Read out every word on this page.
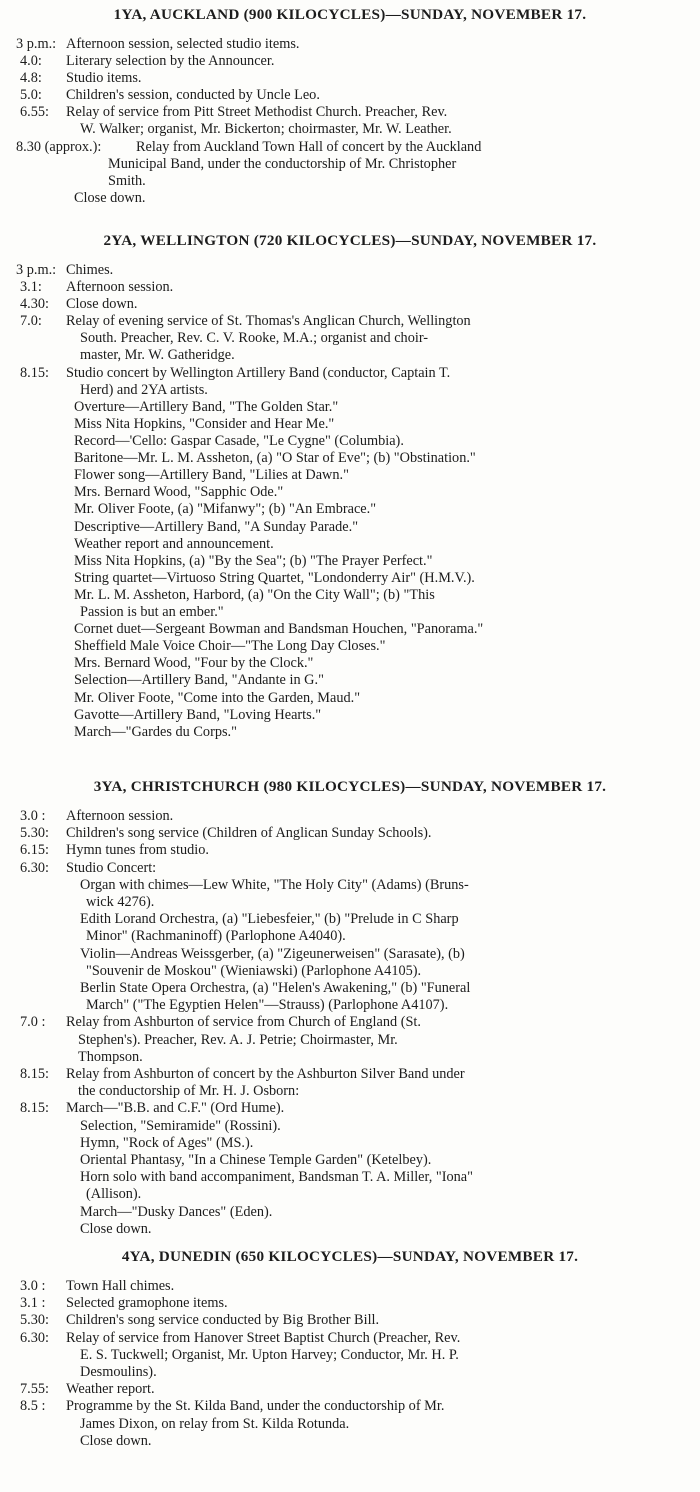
1YA, AUCKLAND (900 KILOCYCLES)—SUNDAY, NOVEMBER 17.
3 p.m.: Afternoon session, selected studio items.
4.0: Literary selection by the Announcer.
4.8: Studio items.
5.0: Children's session, conducted by Uncle Leo.
6.55: Relay of service from Pitt Street Methodist Church. Preacher, Rev.
W. Walker; organist, Mr. Bickerton; choirmaster, Mr. W. Leather.
8.30 (approx.): Relay from Auckland Town Hall of concert by the Auckland
Municipal Band, under the conductorship of Mr. Christopher
Smith.
Close down.
2YA, WELLINGTON (720 KILOCYCLES)—SUNDAY, NOVEMBER 17.
3 p.m.: Chimes.
3.1: Afternoon session.
4.30: Close down.
7.0: Relay of evening service of St. Thomas's Anglican Church, Wellington
South. Preacher, Rev. C. V. Rooke, M.A.; organist and choir-
master, Mr. W. Gatheridge.
8.15: Studio concert by Wellington Artillery Band (conductor, Captain T.
Herd) and 2YA artists.
Overture—Artillery Band, "The Golden Star."
Miss Nita Hopkins, "Consider and Hear Me."
Record—'Cello: Gaspar Casade, "Le Cygne" (Columbia).
Baritone—Mr. L. M. Assheton, (a) "O Star of Eve"; (b) "Obstination."
Flower song—Artillery Band, "Lilies at Dawn."
Mrs. Bernard Wood, "Sapphic Ode."
Mr. Oliver Foote, (a) "Mifanwy"; (b) "An Embrace."
Descriptive—Artillery Band, "A Sunday Parade."
Weather report and announcement.
Miss Nita Hopkins, (a) "By the Sea"; (b) "The Prayer Perfect."
String quartet—Virtuoso String Quartet, "Londonderry Air" (H.M.V.).
Mr. L. M. Assheton, Harbord, (a) "On the City Wall"; (b) "This
Passion is but an ember."
Cornet duet—Sergeant Bowman and Bandsman Houchen, "Panorama."
Sheffield Male Voice Choir—"The Long Day Closes."
Mrs. Bernard Wood, "Four by the Clock."
Selection—Artillery Band, "Andante in G."
Mr. Oliver Foote, "Come into the Garden, Maud."
Gavotte—Artillery Band, "Loving Hearts."
March—"Gardes du Corps."
3YA, CHRISTCHURCH (980 KILOCYCLES)—SUNDAY, NOVEMBER 17.
3.0 : Afternoon session.
5.30: Children's song service (Children of Anglican Sunday Schools).
6.15: Hymn tunes from studio.
6.30: Studio Concert:
Organ with chimes—Lew White, "The Holy City" (Adams) (Bruns-
wick 4276).
Edith Lorand Orchestra, (a) "Liebesfeier," (b) "Prelude in C Sharp
Minor" (Rachmaninoff) (Parlophone A4040).
Violin—Andreas Weissgerber, (a) "Zigeunerweisen" (Sarasate), (b)
"Souvenir de Moskou" (Wieniawski) (Parlophone A4105).
Berlin State Opera Orchestra, (a) "Helen's Awakening," (b) "Funeral
March" ("The Egyptien Helen"—Strauss) (Parlophone A4107).
7.0 : Relay from Ashburton of service from Church of England (St.
Stephen's). Preacher, Rev. A. J. Petrie; Choirmaster, Mr.
Thompson.
8.15: Relay from Ashburton of concert by the Ashburton Silver Band under
the conductorship of Mr. H. J. Osborn:
8.15: March—"B.B. and C.F." (Ord Hume).
Selection, "Semiramide" (Rossini).
Hymn, "Rock of Ages" (MS.).
Oriental Phantasy, "In a Chinese Temple Garden" (Ketelbey).
Horn solo with band accompaniment, Bandsman T. A. Miller, "Iona"
(Allison).
March—"Dusky Dances" (Eden).
Close down.
4YA, DUNEDIN (650 KILOCYCLES)—SUNDAY, NOVEMBER 17.
3.0 : Town Hall chimes.
3.1 : Selected gramophone items.
5.30: Children's song service conducted by Big Brother Bill.
6.30: Relay of service from Hanover Street Baptist Church (Preacher, Rev.
E. S. Tuckwell; Organist, Mr. Upton Harvey; Conductor, Mr. H. P.
Desmoulins).
7.55: Weather report.
8.5 : Programme by the St. Kilda Band, under the conductorship of Mr.
James Dixon, on relay from St. Kilda Rotunda.
Close down.
